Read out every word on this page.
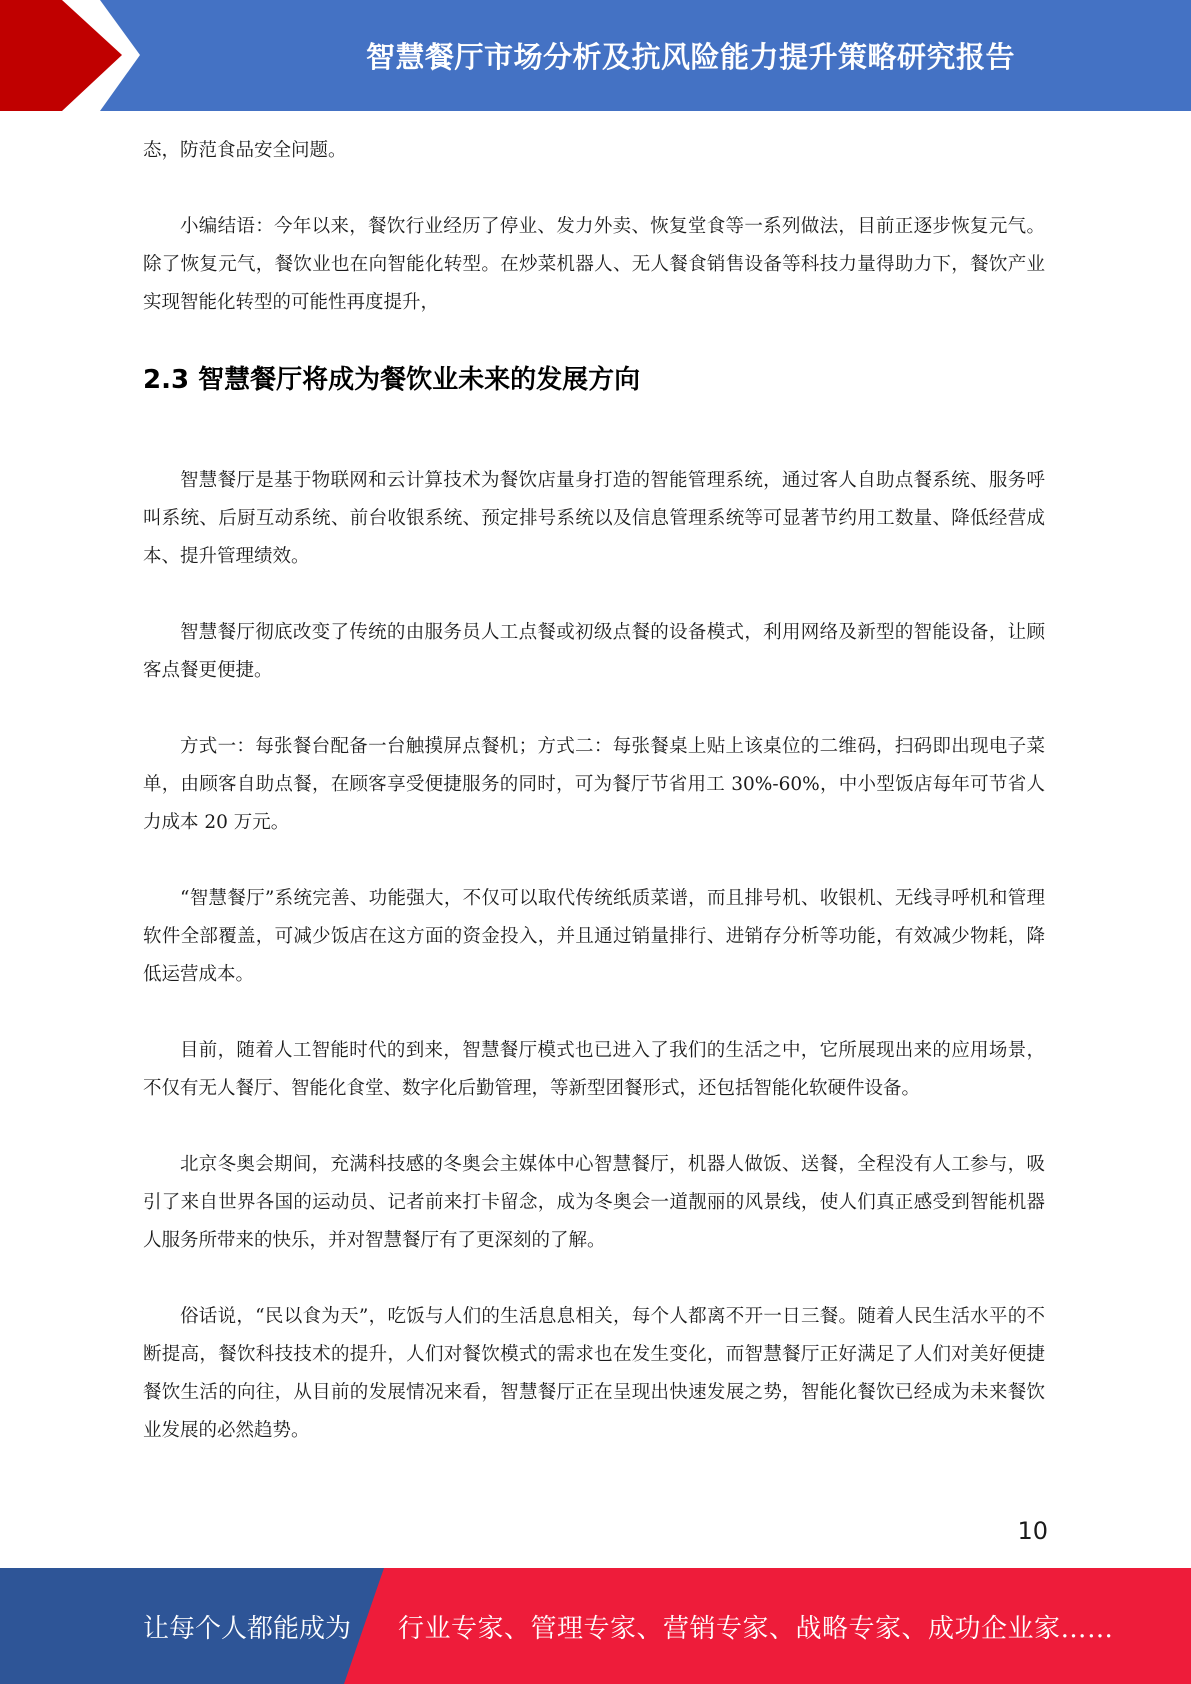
智慧餐厅市场分析及抗风险能力提升策略研究报告

态，防范食品安全问题。

小编结语：今年以来，餐饮行业经历了停业、发力外卖、恢复堂食等一系列做法，目前正逐步恢复元气。除了恢复元气，餐饮业也在向智能化转型。在炒菜机器人、无人餐食销售设备等科技力量得助力下，餐饮产业实现智能化转型的可能性再度提升，

2.3 智慧餐厅将成为餐饮业未来的发展方向

智慧餐厅是基于物联网和云计算技术为餐饮店量身打造的智能管理系统，通过客人自助点餐系统、服务呼叫系统、后厨互动系统、前台收银系统、预定排号系统以及信息管理系统等可显著节约用工数量、降低经营成本、提升管理绩效。

智慧餐厅彻底改变了传统的由服务员人工点餐或初级点餐的设备模式，利用网络及新型的智能设备，让顾客点餐更便捷。

方式一：每张餐台配备一台触摸屏点餐机；方式二：每张餐桌上贴上该桌位的二维码，扫码即出现电子菜单，由顾客自助点餐，在顾客享受便捷服务的同时，可为餐厅节省用工 30%-60%，中小型饭店每年可节省人力成本 20 万元。

“智慧餐厅”系统完善、功能强大，不仅可以取代传统纸质菜谱，而且排号机、收银机、无线寻呼机和管理软件全部覆盖，可减少饭店在这方面的资金投入，并且通过销量排行、进销存分析等功能，有效减少物耗，降低运营成本。

目前，随着人工智能时代的到来，智慧餐厅模式也已进入了我们的生活之中，它所展现出来的应用场景，不仅有无人餐厅、智能化食堂、数字化后勤管理，等新型团餐形式，还包括智能化软硬件设备。

北京冬奥会期间，充满科技感的冬奥会主媒体中心智慧餐厅，机器人做饭、送餐，全程没有人工参与，吸引了来自世界各国的运动员、记者前来打卡留念，成为冬奥会一道靓丽的风景线，使人们真正感受到智能机器人服务所带来的快乐，并对智慧餐厅有了更深刻的了解。

俗话说，“民以食为天”，吃饭与人们的生活息息相关，每个人都离不开一日三餐。随着人民生活水平的不断提高，餐饮科技技术的提升，人们对餐饮模式的需求也在发生变化，而智慧餐厅正好满足了人们对美好便捷餐饮生活的向往，从目前的发展情况来看，智慧餐厅正在呈现出快速发展之势，智能化餐饮已经成为未来餐饮业发展的必然趋势。

10
让每个人都能成为 行业专家、管理专家、营销专家、战略专家、成功企业家……
